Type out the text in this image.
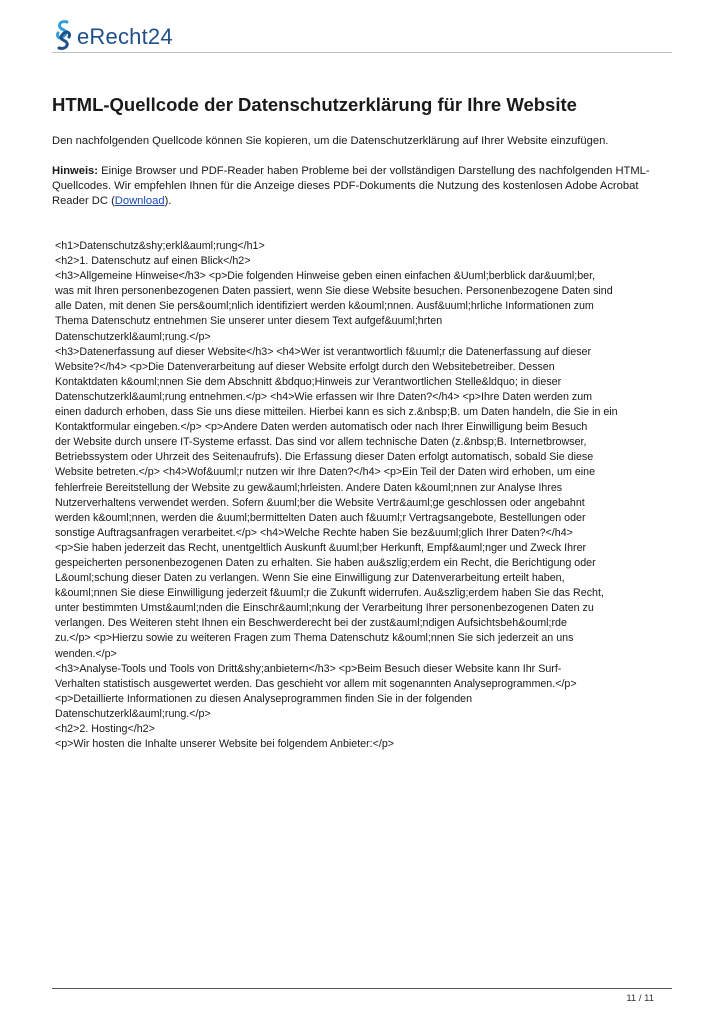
eRecht24
HTML-Quellcode der Datenschutzerklärung für Ihre Website

Den nachfolgenden Quellcode können Sie kopieren, um die Datenschutzerklärung auf Ihrer Website einzufügen.

Hinweis: Einige Browser und PDF-Reader haben Probleme bei der vollständigen Darstellung des nachfolgenden HTML-Quellcodes. Wir empfehlen Ihnen für die Anzeige dieses PDF-Dokuments die Nutzung des kostenlosen Adobe Acrobat Reader DC (Download).

<h1>Datenschutz&shy;erkl&auml;rung</h1>
<h2>1. Datenschutz auf einen Blick</h2>
<h3>Allgemeine Hinweise</h3> <p>Die folgenden Hinweise geben einen einfachen &Uuml;berblick dar&uuml;ber,
was mit Ihren personenbezogenen Daten passiert, wenn Sie diese Website besuchen. Personenbezogene Daten sind
alle Daten, mit denen Sie pers&ouml;nlich identifiziert werden k&ouml;nnen. Ausf&uuml;hrliche Informationen zum
Thema Datenschutz entnehmen Sie unserer unter diesem Text aufgef&uuml;hrten
Datenschutzerkl&auml;rung.</p>
<h3>Datenerfassung auf dieser Website</h3> <h4>Wer ist verantwortlich f&uuml;r die Datenerfassung auf dieser
Website?</h4> <p>Die Datenverarbeitung auf dieser Website erfolgt durch den Websitebetreiber. Dessen
Kontaktdaten k&ouml;nnen Sie dem Abschnitt &bdquo;Hinweis zur Verantwortlichen Stelle&ldquo; in dieser
Datenschutzerkl&auml;rung entnehmen.</p> <h4>Wie erfassen wir Ihre Daten?</h4> <p>Ihre Daten werden zum
einen dadurch erhoben, dass Sie uns diese mitteilen. Hierbei kann es sich z.&nbsp;B. um Daten handeln, die Sie in ein
Kontaktformular eingeben.</p> <p>Andere Daten werden automatisch oder nach Ihrer Einwilligung beim Besuch
der Website durch unsere IT-Systeme erfasst. Das sind vor allem technische Daten (z.&nbsp;B. Internetbrowser,
Betriebssystem oder Uhrzeit des Seitenaufrufs). Die Erfassung dieser Daten erfolgt automatisch, sobald Sie diese
Website betreten.</p> <h4>Wof&uuml;r nutzen wir Ihre Daten?</h4> <p>Ein Teil der Daten wird erhoben, um eine
fehlerfreie Bereitstellung der Website zu gew&auml;hrleisten. Andere Daten k&ouml;nnen zur Analyse Ihres
Nutzerverhaltens verwendet werden. Sofern &uuml;ber die Website Vertr&auml;ge geschlossen oder angebahnt
werden k&ouml;nnen, werden die &uuml;bermittelten Daten auch f&uuml;r Vertragsangebote, Bestellungen oder
sonstige Auftragsanfragen verarbeitet.</p> <h4>Welche Rechte haben Sie bez&uuml;glich Ihrer Daten?</h4>
<p>Sie haben jederzeit das Recht, unentgeltlich Auskunft &uuml;ber Herkunft, Empf&auml;nger und Zweck Ihrer
gespeicherten personenbezogenen Daten zu erhalten. Sie haben au&szlig;erdem ein Recht, die Berichtigung oder
L&ouml;schung dieser Daten zu verlangen. Wenn Sie eine Einwilligung zur Datenverarbeitung erteilt haben,
k&ouml;nnen Sie diese Einwilligung jederzeit f&uuml;r die Zukunft widerrufen. Au&szlig;erdem haben Sie das Recht,
unter bestimmten Umst&auml;nden die Einschr&auml;nkung der Verarbeitung Ihrer personenbezogenen Daten zu
verlangen. Des Weiteren steht Ihnen ein Beschwerderecht bei der zust&auml;ndigen Aufsichtsbeh&ouml;rde
zu.</p> <p>Hierzu sowie zu weiteren Fragen zum Thema Datenschutz k&ouml;nnen Sie sich jederzeit an uns
wenden.</p>
<h3>Analyse-Tools und Tools von Dritt&shy;anbietern</h3> <p>Beim Besuch dieser Website kann Ihr Surf-
Verhalten statistisch ausgewertet werden. Das geschieht vor allem mit sogenannten Analyseprogrammen.</p>
<p>Detaillierte Informationen zu diesen Analyseprogrammen finden Sie in der folgenden
Datenschutzerkl&auml;rung.</p>
<h2>2. Hosting</h2>
<p>Wir hosten die Inhalte unserer Website bei folgendem Anbieter:</p>
11 / 11
